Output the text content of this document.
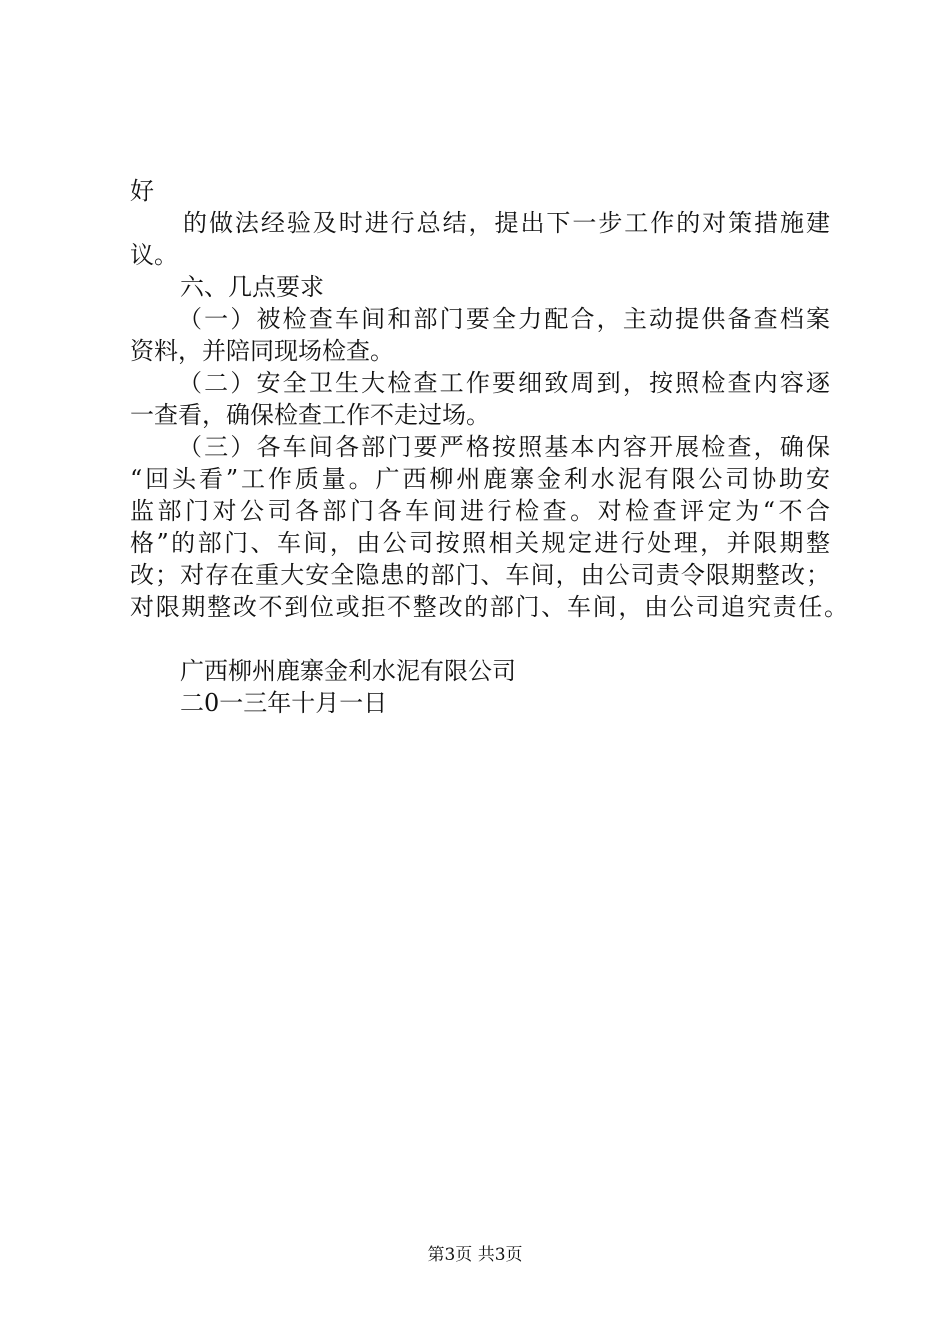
好
的做法经验及时进行总结，提出下一步工作的对策措施建
议。
六、几点要求
（一）被检查车间和部门要全力配合，主动提供备查档案
资料，并陪同现场检查。
（二）安全卫生大检查工作要细致周到，按照检查内容逐
一查看，确保检查工作不走过场。
（三）各车间各部门要严格按照基本内容开展检查，确保
“回头看”工作质量。广西柳州鹿寨金利水泥有限公司协助安
监部门对公司各部门各车间进行检查。对检查评定为“不合
格”的部门、车间，由公司按照相关规定进行处理，并限期整
改；对存在重大安全隐患的部门、车间，由公司责令限期整改；
对限期整改不到位或拒不整改的部门、车间，由公司追究责任。
广西柳州鹿寨金利水泥有限公司
二0一三年十月一日
第3页 共3页
